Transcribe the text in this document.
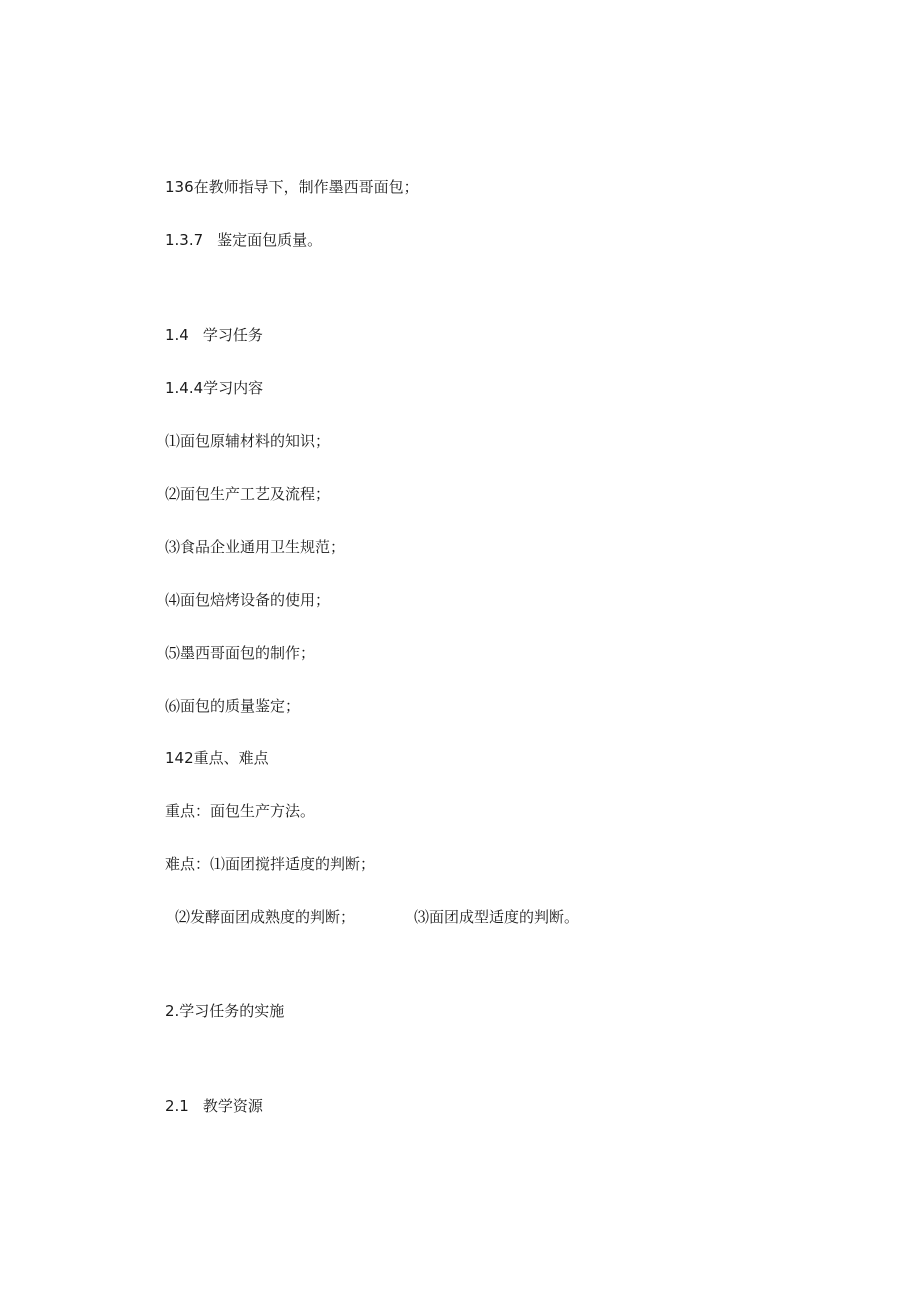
136在教师指导下，制作墨西哥面包；
1.3.7 鉴定面包质量。
1.4 学习任务
1.4.4学习内容
⑴面包原辅材料的知识；
⑵面包生产工艺及流程；
⑶食品企业通用卫生规范；
⑷面包焙烤设备的使用；
⑸墨西哥面包的制作；
⑹面包的质量鉴定；
142重点、难点
重点：面包生产方法。
难点：⑴面团搅拌适度的判断；
⑵发酵面团成熟度的判断；	⑶面团成型适度的判断。
2.学习任务的实施
2.1 教学资源
